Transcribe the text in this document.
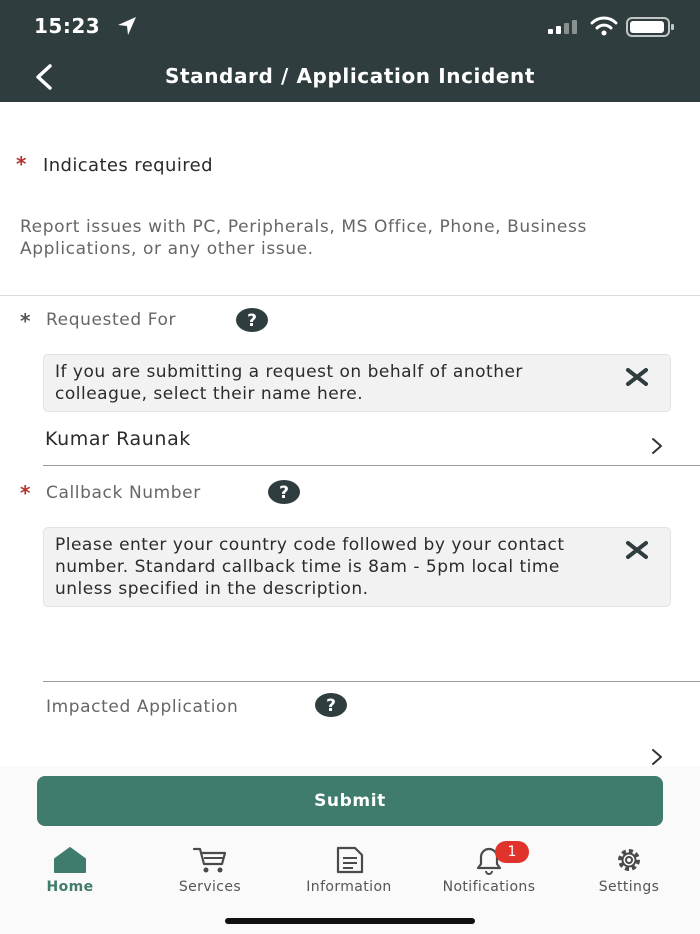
15:23
Standard / Application Incident
* Indicates required

Report issues with PC, Peripherals, MS Office, Phone, Business Applications, or any other issue.

* Requested For	?
If you are submitting a request on behalf of another colleague, select their name here.
Kumar Raunak
* Callback Number	?
Please enter your country code followed by your contact number. Standard callback time is 8am - 5pm local time unless specified in the description.
Impacted Application	?
Submit
Home	Services	Information
1
Notifications	Settings
